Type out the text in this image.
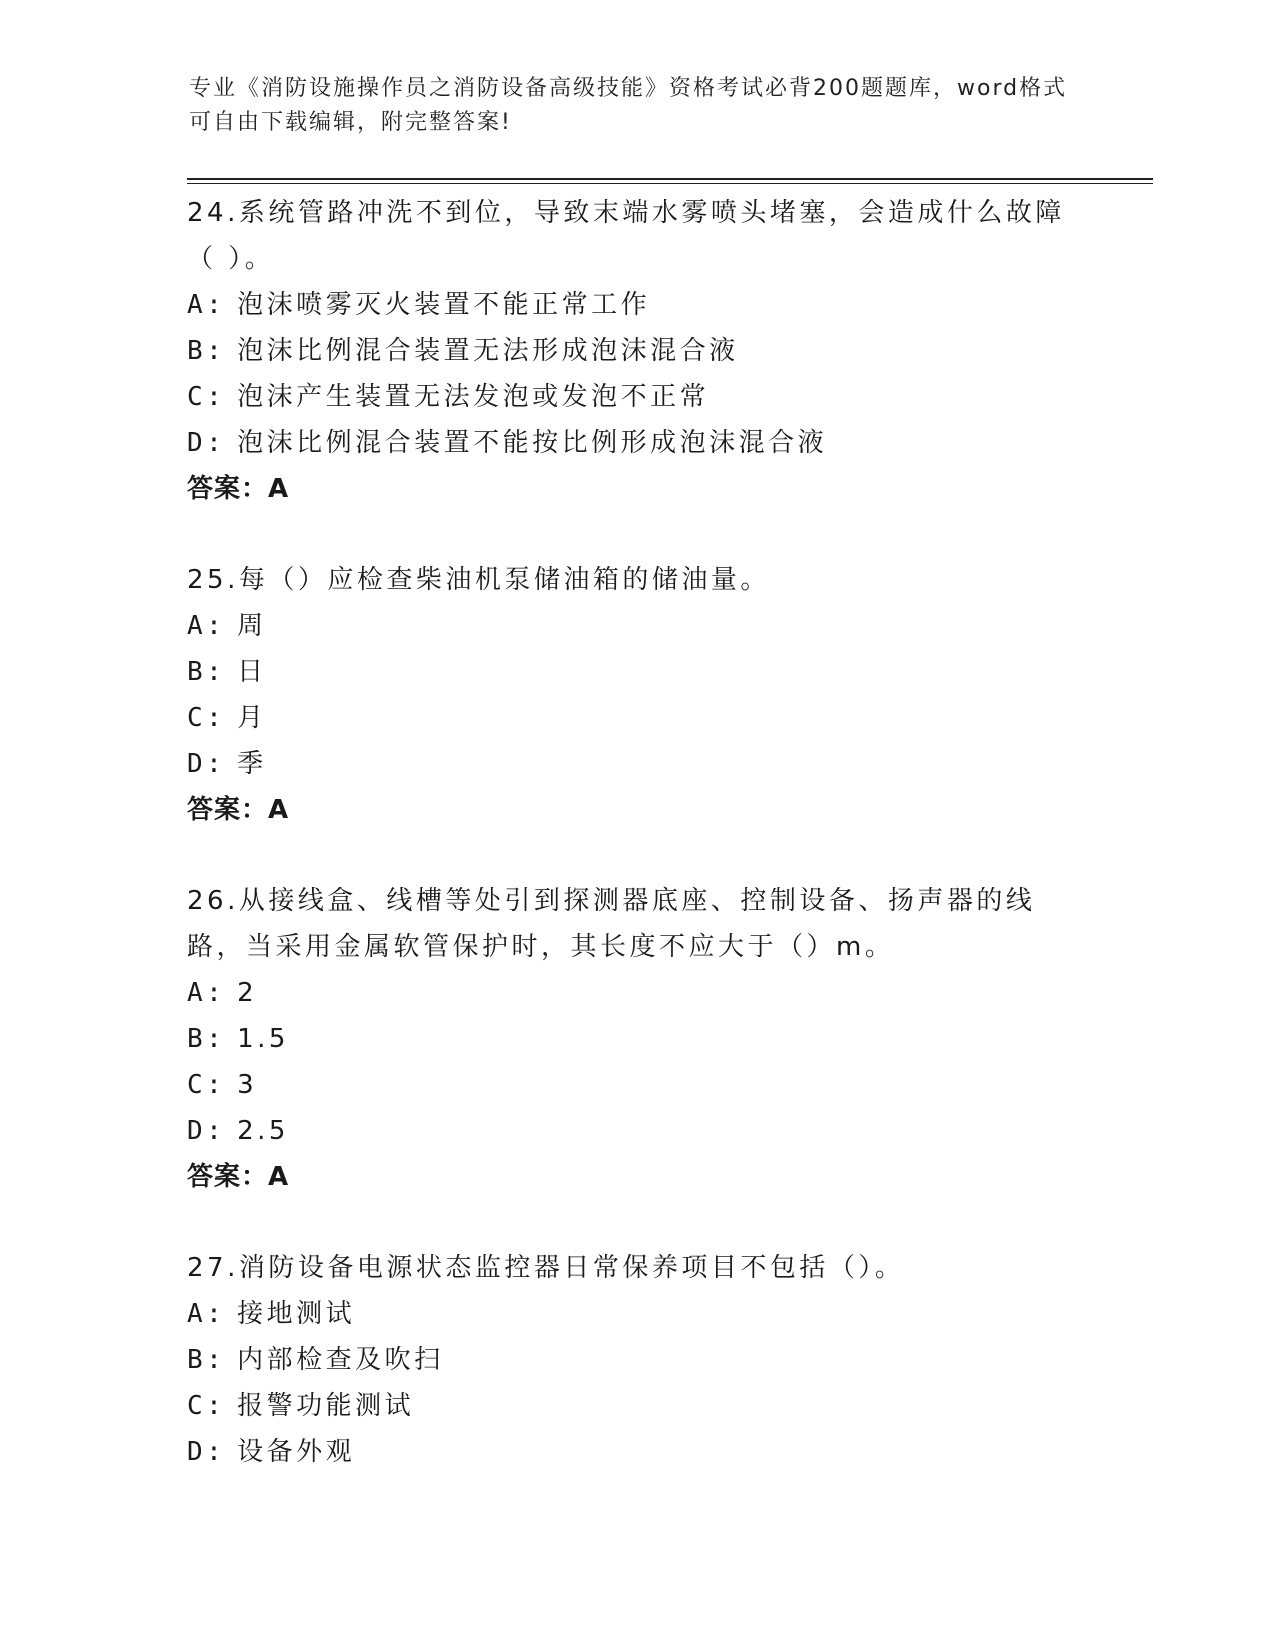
专业《消防设施操作员之消防设备高级技能》资格考试必背200题题库，word格式可自由下载编辑，附完整答案!
24.系统管路冲洗不到位，导致末端水雾喷头堵塞，会造成什么故障（ ）。
A: 泡沫喷雾灭火装置不能正常工作
B: 泡沫比例混合装置无法形成泡沫混合液
C: 泡沫产生装置无法发泡或发泡不正常
D: 泡沫比例混合装置不能按比例形成泡沫混合液
答案：A
25.每（）应检查柴油机泵储油箱的储油量。
A: 周
B: 日
C: 月
D: 季
答案：A
26.从接线盒、线槽等处引到探测器底座、控制设备、扬声器的线路，当采用金属软管保护时，其长度不应大于（）m。
A: 2
B: 1.5
C: 3
D: 2.5
答案：A
27.消防设备电源状态监控器日常保养项目不包括（）。
A: 接地测试
B: 内部检查及吹扫
C: 报警功能测试
D: 设备外观
